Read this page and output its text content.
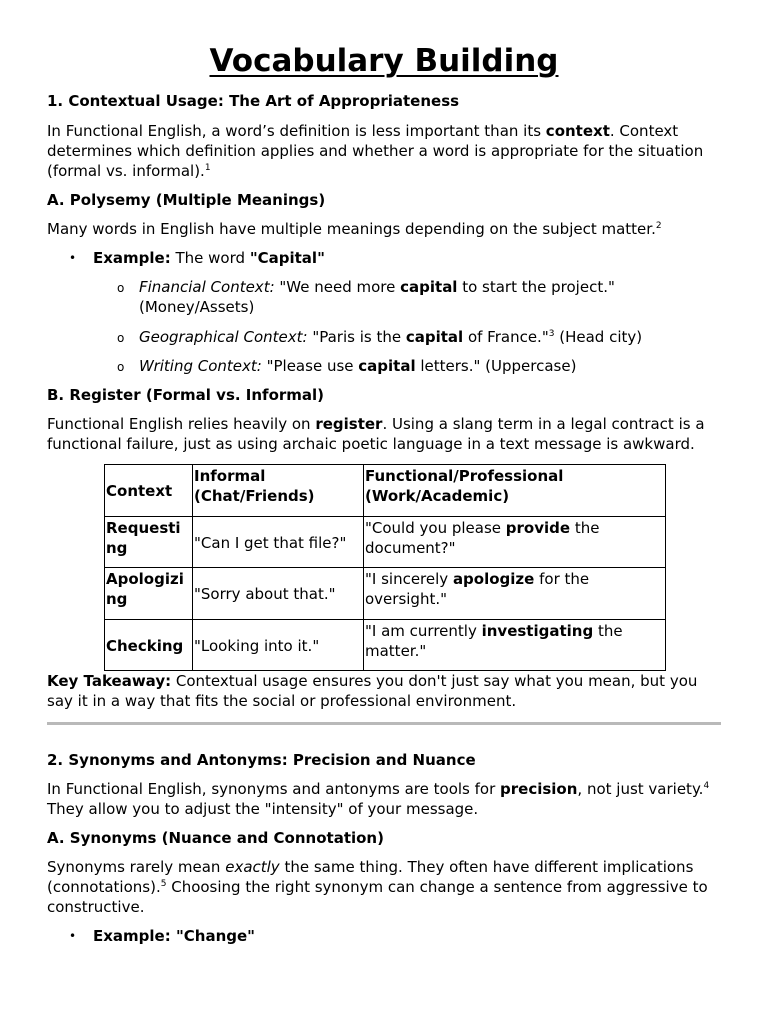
Vocabulary Building

1. Contextual Usage: The Art of Appropriateness

In Functional English, a word’s definition is less important than its context. Context determines which definition applies and whether a word is appropriate for the situation (formal vs. informal).$^1$

A. Polysemy (Multiple Meanings)

Many words in English have multiple meanings depending on the subject matter.$^2$

• Example: The word "Capital"
o Financial Context: "We need more capital to start the project." (Money/Assets)
o Geographical Context: "Paris is the capital of France."$^3$ (Head city)
o Writing Context: "Please use capital letters." (Uppercase)

B. Register (Formal vs. Informal)

Functional English relies heavily on register. Using a slang term in a legal contract is a functional failure, just as using archaic poetic language in a text message is awkward.

Context	Informal (Chat/Friends)	Functional/Professional (Work/Academic)
Requesting	"Can I get that file?"	"Could you please provide the document?"
Apologizing	"Sorry about that."	"I sincerely apologize for the oversight."
Checking	"Looking into it."	"I am currently investigating the matter."

Key Takeaway: Contextual usage ensures you don't just say what you mean, but you say it in a way that fits the social or professional environment.

2. Synonyms and Antonyms: Precision and Nuance

In Functional English, synonyms and antonyms are tools for precision, not just variety.$^4$ They allow you to adjust the "intensity" of your message.

A. Synonyms (Nuance and Connotation)

Synonyms rarely mean exactly the same thing. They often have different implications (connotations).$^5$ Choosing the right synonym can change a sentence from aggressive to constructive.

• Example: "Change"
